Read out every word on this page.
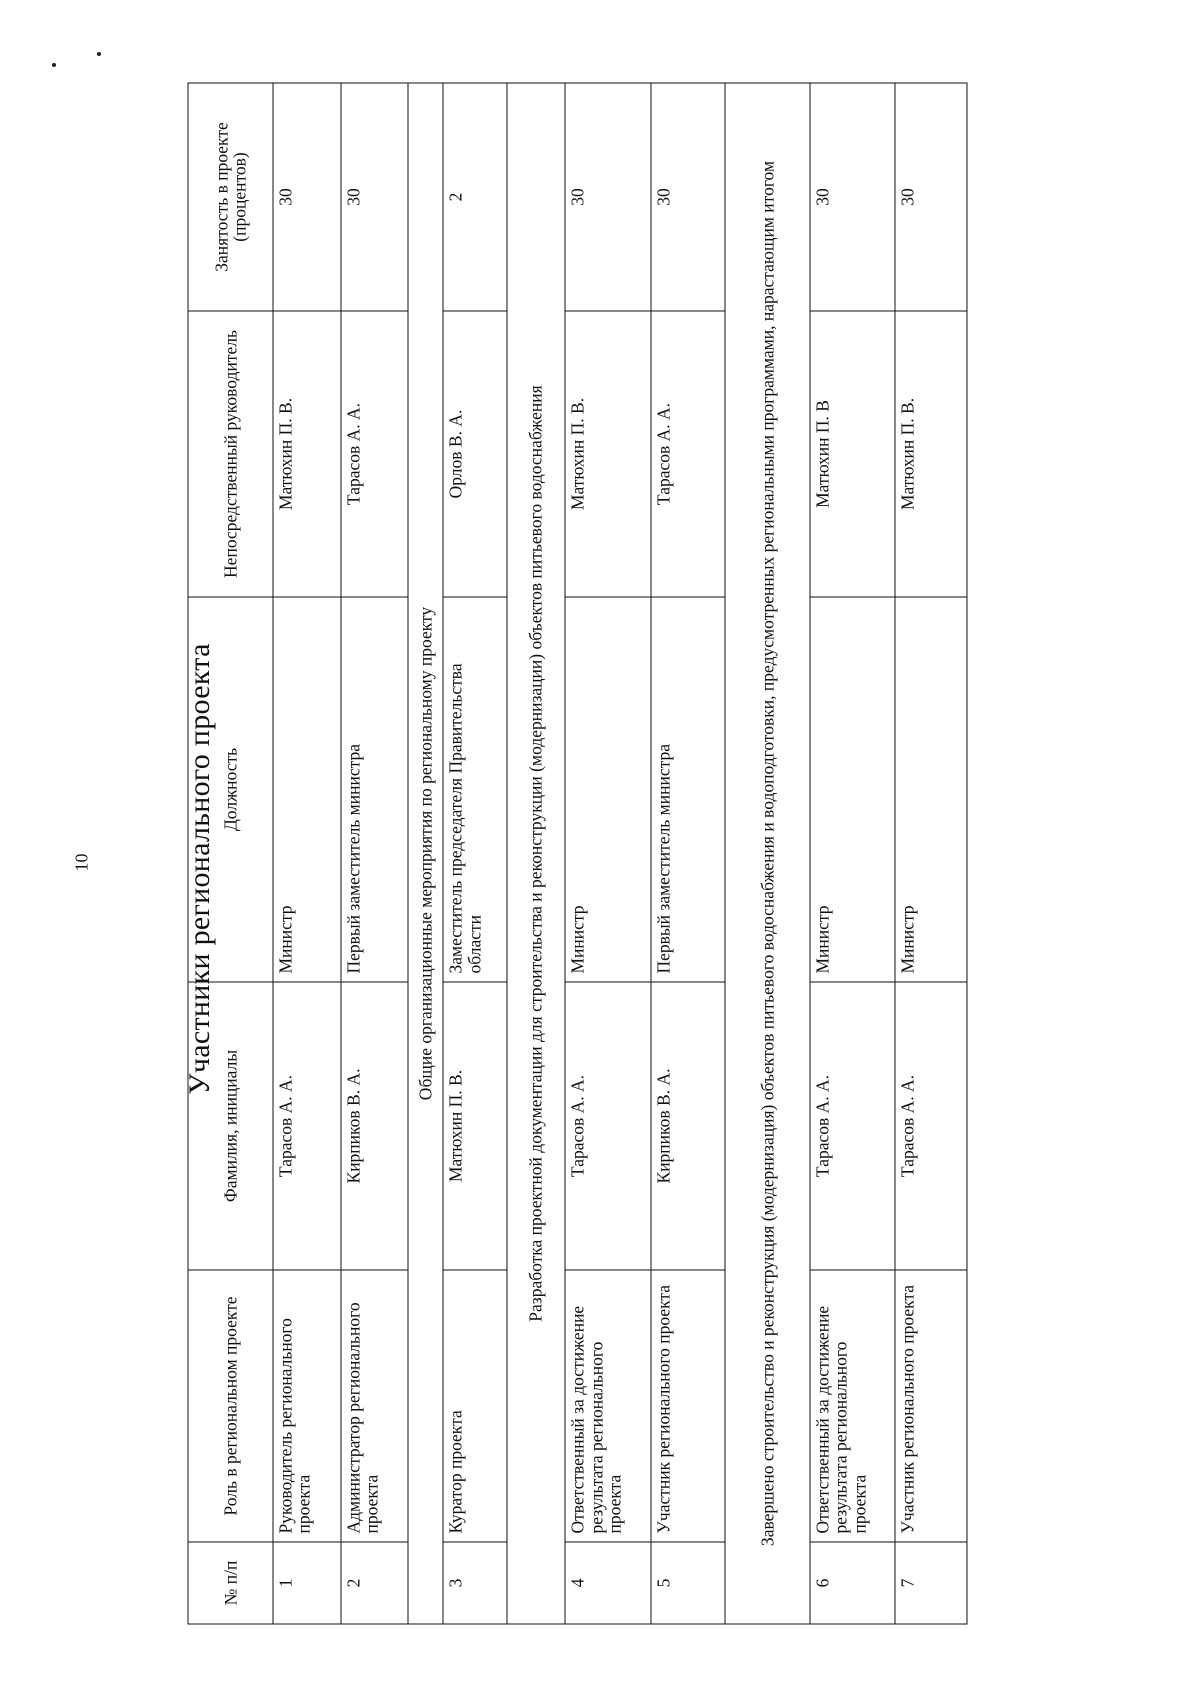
10	Участники регионального проекта
№ п/п	Роль в региональном проекте	Фамилия, инициалы	Должность	Непосредственный руководитель	Занятость в проекте (процентов)
1	Руководитель регионального проекта	Тарасов А. А.	Министр	Матюхин П. В.	30
2	Администратор регионального проекта	Кирпиков В. А.	Первый заместитель министра	Тарасов А. А.	30
Общие организационные мероприятия по региональному проекту					
3	Куратор проекта	Матюхин П. В.	Заместитель председателя Правительства области	Орлов В. А.	2
Разработка проектной документации для строительства и реконструкции (модернизации) объектов питьевого водоснабжения					
4	Ответственный за достижение результата регионального проекта	Тарасов А. А.	Министр	Матюхин П. В.	30
5	Участник регионального проекта	Кирпиков В. А.	Первый заместитель министра	Тарасов А. А.	30
Завершено строительство и реконструкция (модернизация) объектов питьевого водоснабжения и водоподготовки, предусмотренных региональными программами, нарастающим итогом					
6	Ответственный за достижение результата регионального проекта	Тарасов А. А.	Министр	Матюхин П. В	30
7	Участник регионального проекта	Тарасов А. А.	Министр	Матюхин П. В.	30
